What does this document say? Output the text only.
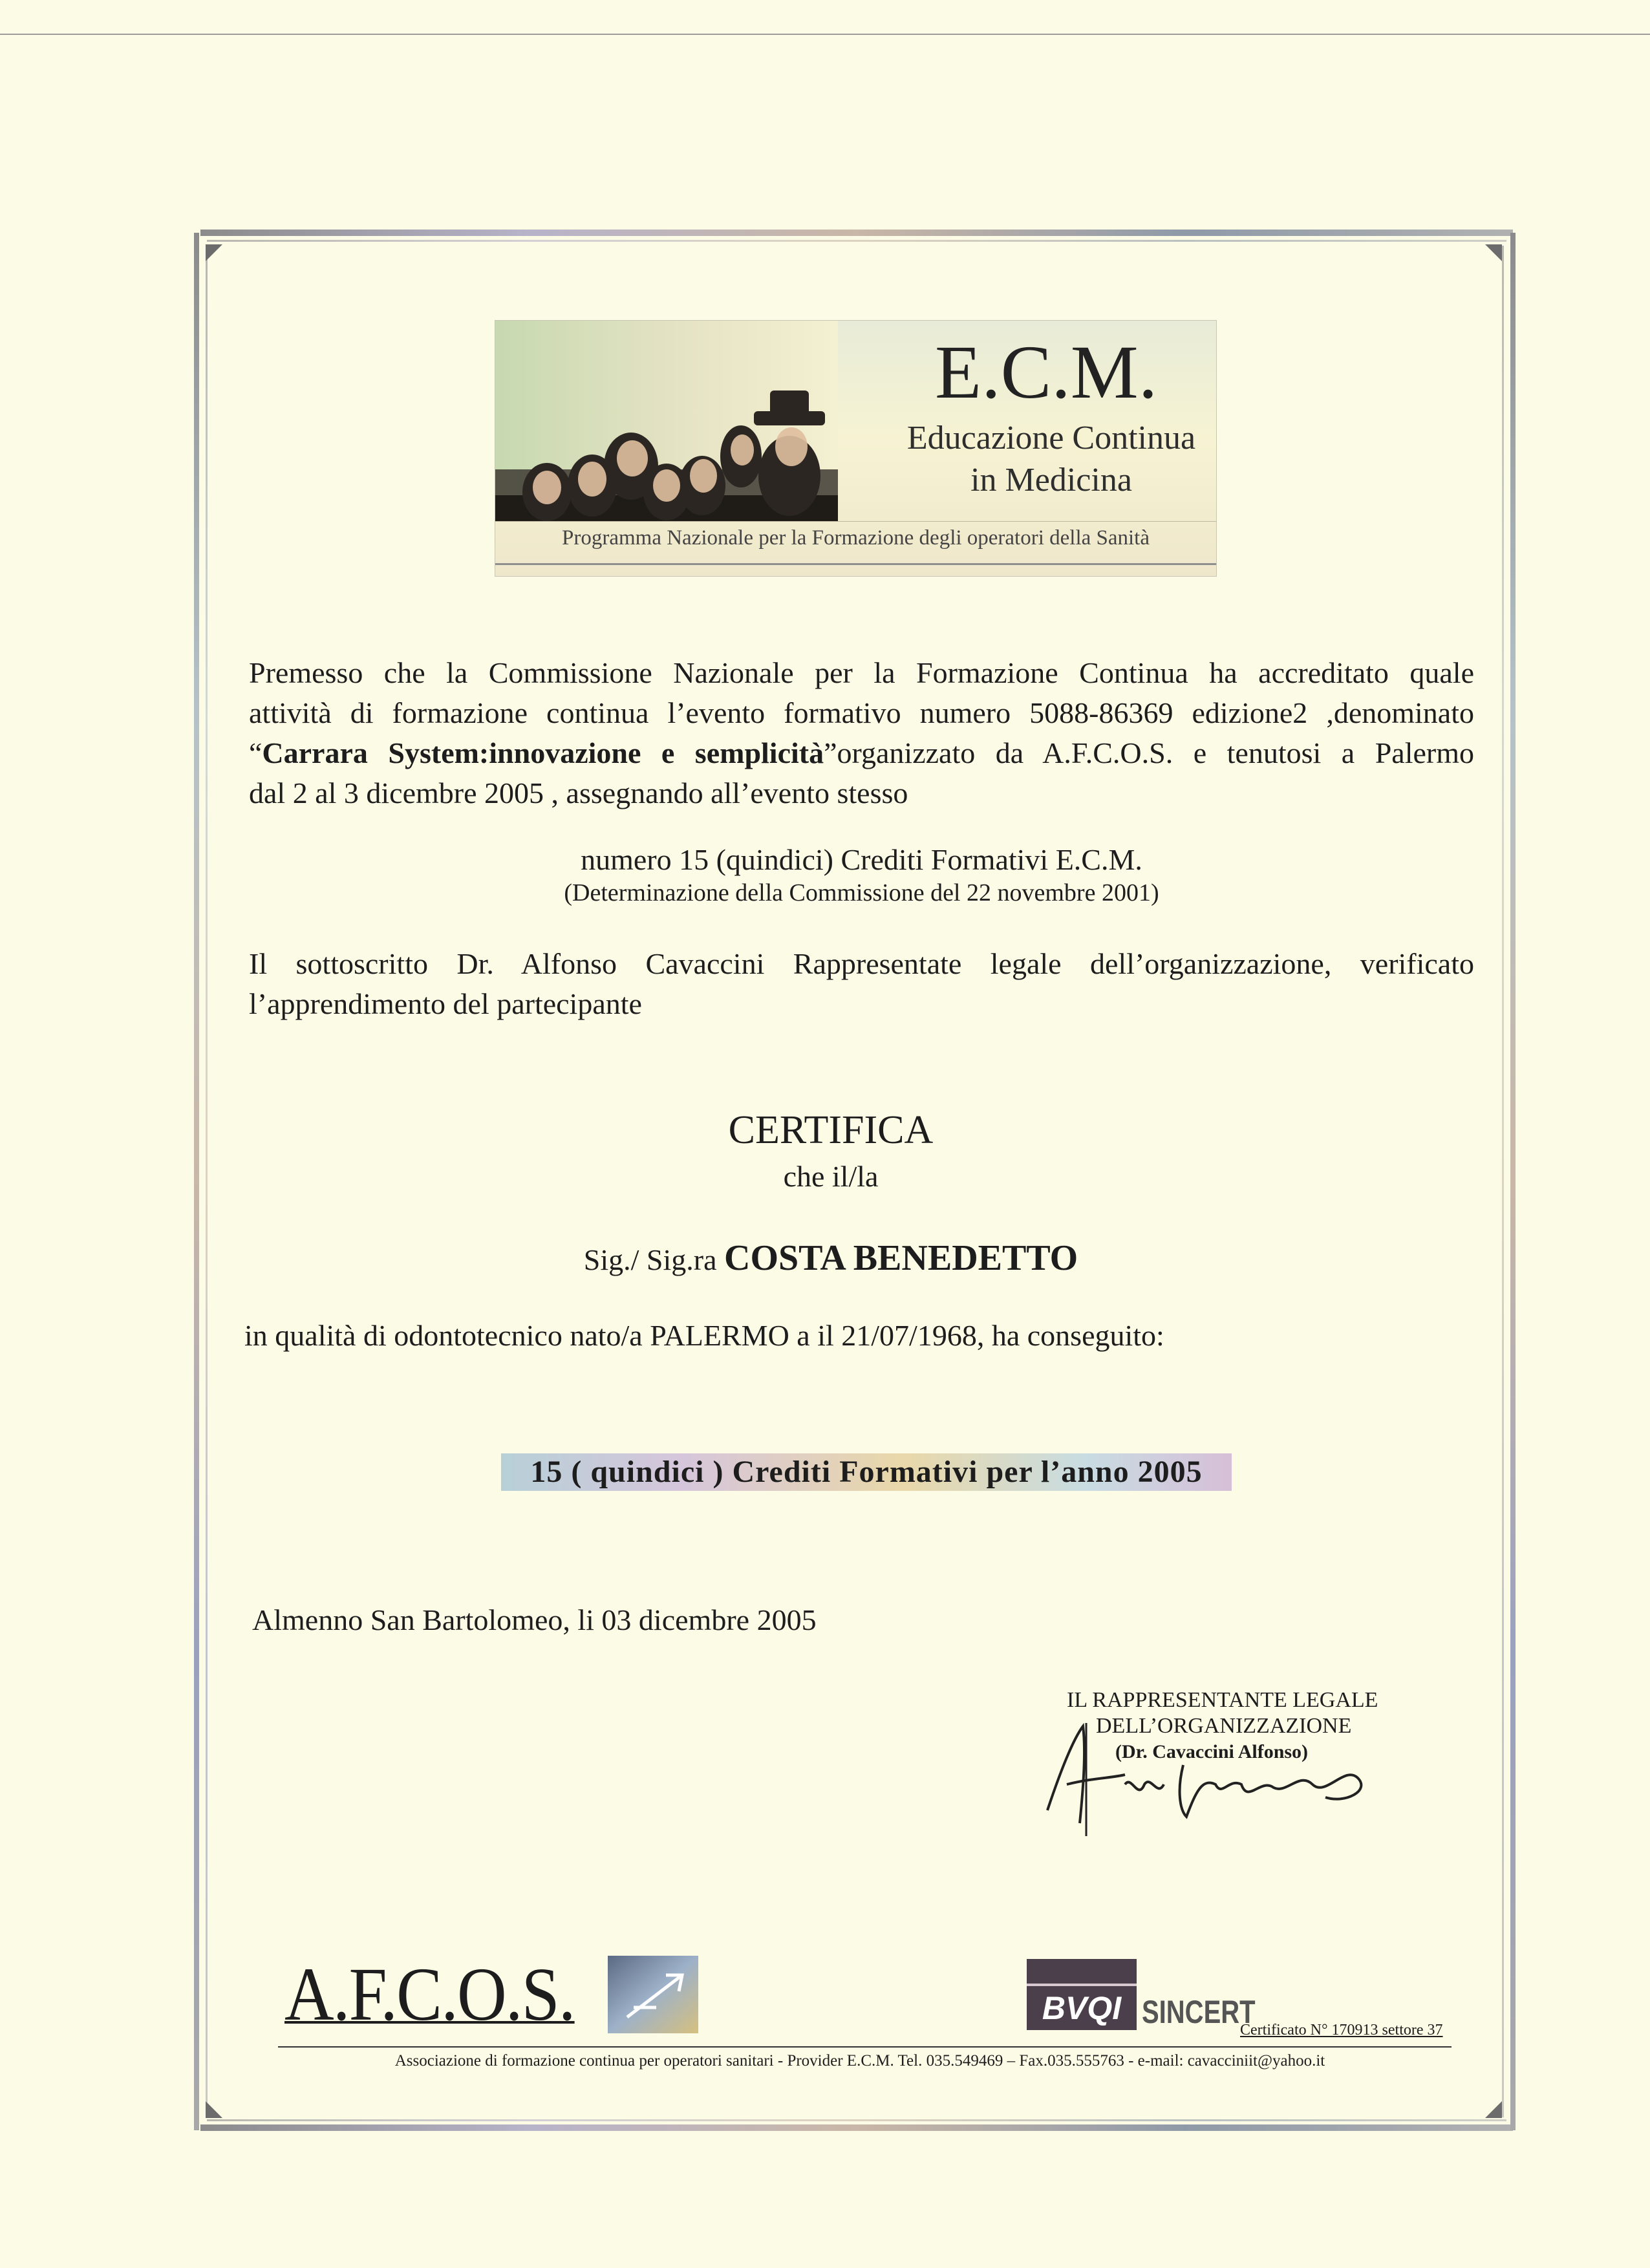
E.C.M.
Educazione Continua
in Medicina
Programma Nazionale per la Formazione degli operatori della Sanità
Premesso che la Commissione Nazionale per la Formazione Continua ha accreditato quale
attività di formazione continua l’evento formativo numero 5088-86369 edizione2 ,denominato
“Carrara System:innovazione e semplicità”organizzato da A.F.C.O.S. e tenutosi a Palermo
dal 2 al 3 dicembre 2005 , assegnando all’evento stesso
numero 15 (quindici) Crediti Formativi E.C.M.
(Determinazione della Commissione del 22 novembre 2001)
Il sottoscritto Dr. Alfonso Cavaccini Rappresentate legale dell’organizzazione, verificato
l’apprendimento del partecipante
CERTIFICA
che il/la
Sig./ Sig.ra COSTA BENEDETTO
in qualità di odontotecnico nato/a PALERMO a il 21/07/1968, ha conseguito:
15 ( quindici ) Crediti Formativi per l’anno 2005
Almenno San Bartolomeo, li 03 dicembre 2005
IL RAPPRESENTANTE LEGALE
DELL’ORGANIZZAZIONE
(Dr. Cavaccini Alfonso)
A.F.C.O.S.	BVQI SINCERT
Certificato N° 170913 settore 37
Associazione di formazione continua per operatori sanitari - Provider E.C.M. Tel. 035.549469 – Fax.035.555763 - e-mail: cavacciniit@yahoo.it
